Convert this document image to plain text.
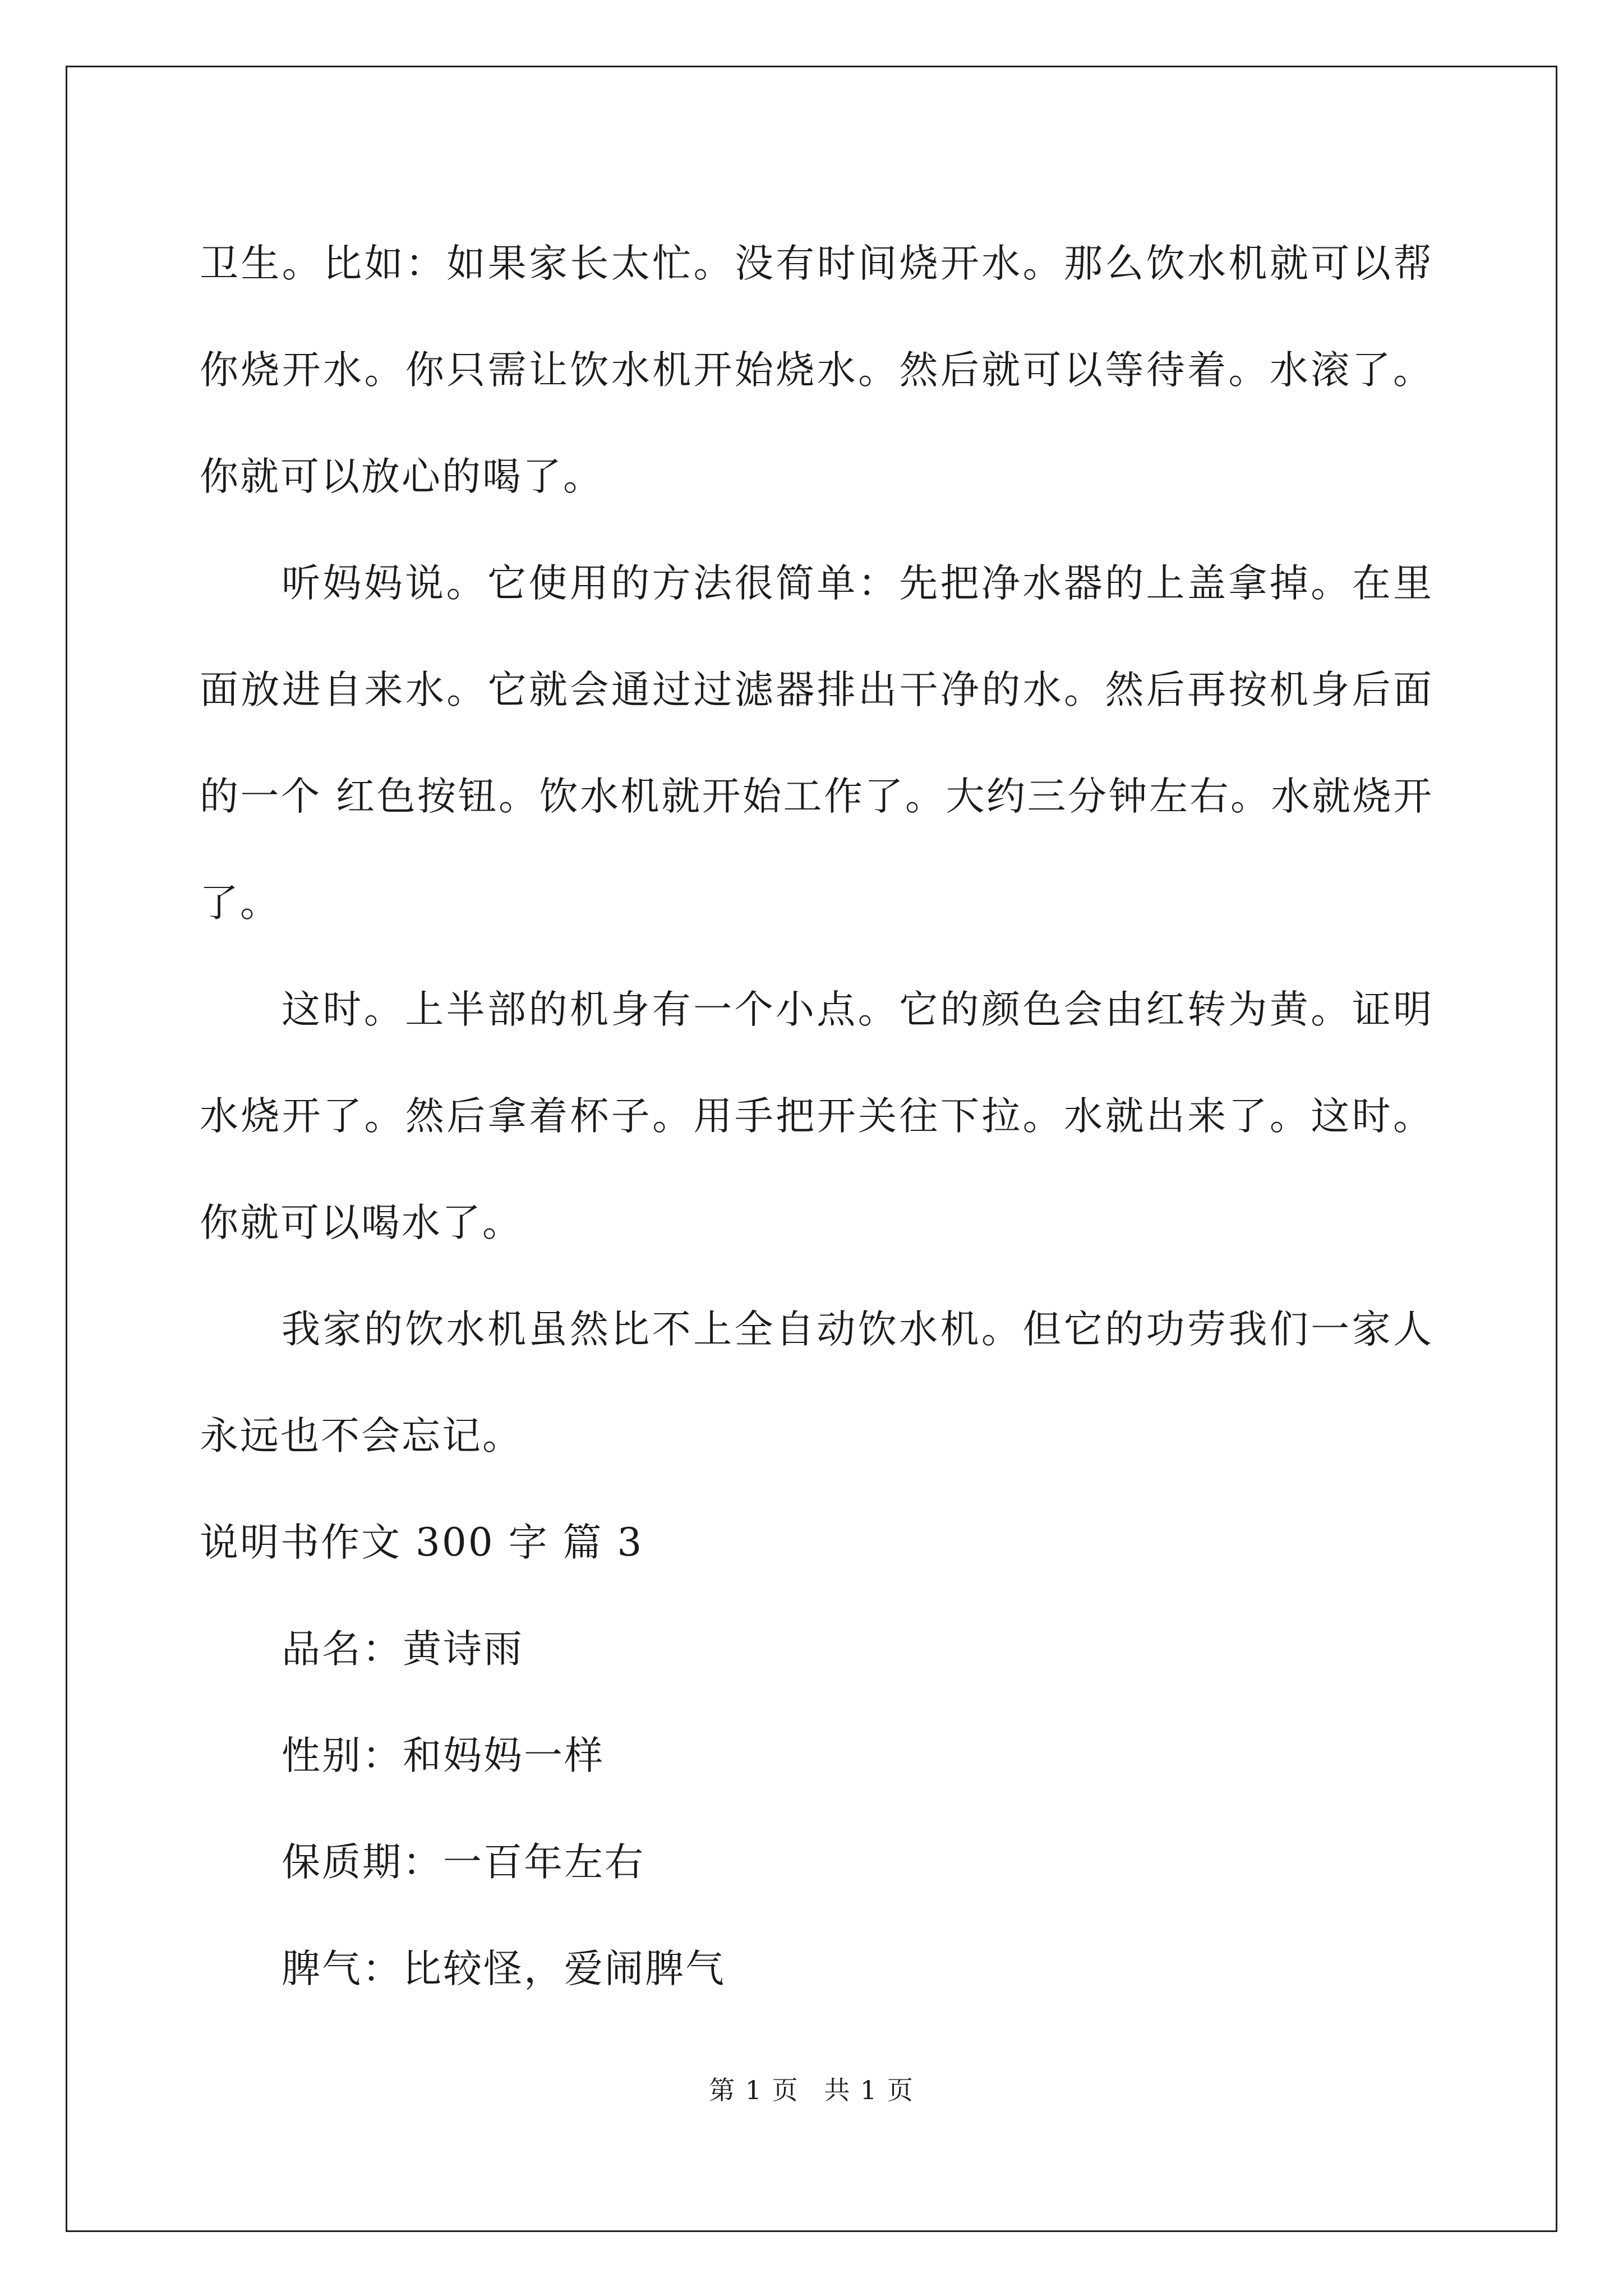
卫生。比如：如果家长太忙。没有时间烧开水。那么饮水机就可以帮你烧开水。你只需让饮水机开始烧水。然后就可以等待着。水滚了。你就可以放心的喝了。

听妈妈说。它使用的方法很简单：先把净水器的上盖拿掉。在里面放进自来水。它就会通过过滤器排出干净的水。然后再按机身后面的一个 红色按钮。饮水机就开始工作了。大约三分钟左右。水就烧开了。

这时。上半部的机身有一个小点。它的颜色会由红转为黄。证明水烧开了。然后拿着杯子。用手把开关往下拉。水就出来了。这时。你就可以喝水了。

我家的饮水机虽然比不上全自动饮水机。但它的功劳我们一家人永远也不会忘记。

说明书作文 300 字 篇 3

品名：黄诗雨

性别：和妈妈一样

保质期：一百年左右

脾气：比较怪，爱闹脾气

第 1 页 共 1 页
